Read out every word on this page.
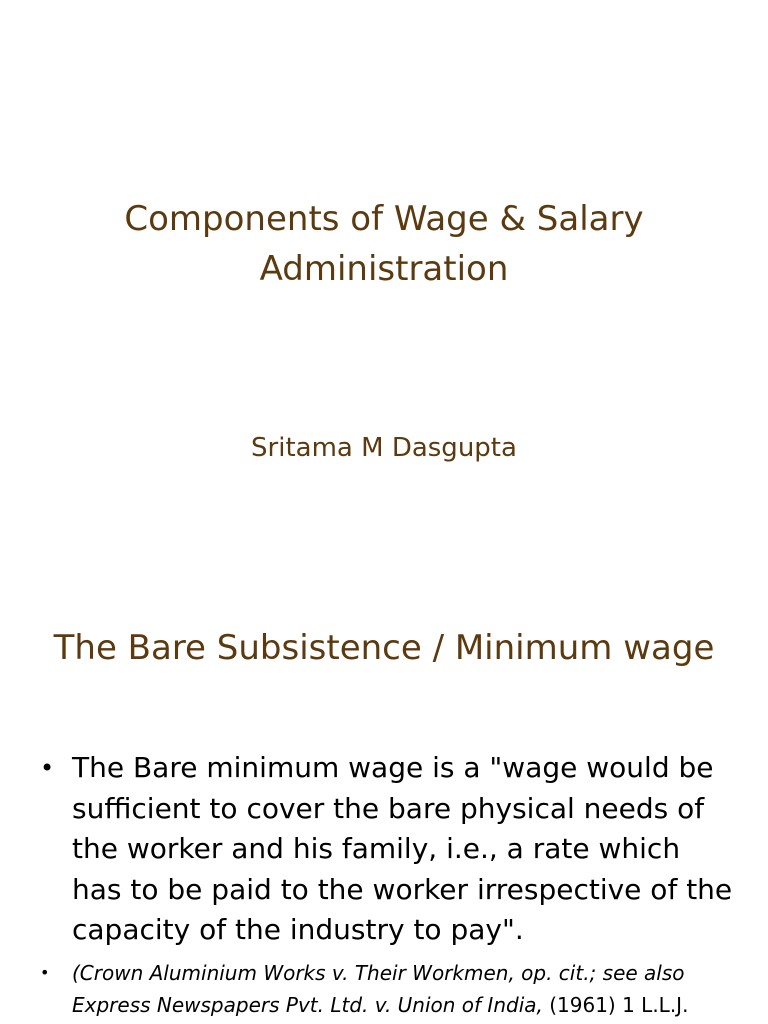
Components of Wage & Salary
Administration

Sritama M Dasgupta

The Bare Subsistence / Minimum wage
• The Bare minimum wage is a "wage would be sufficient to cover the bare physical needs of the worker and his family, i.e., a rate which has to be paid to the worker irrespective of the capacity of the industry to pay".
• (Crown Aluminium Works v. Their Workmen, op. cit.; see also Express Newspapers Pvt. Ltd. v. Union of India, (1961) 1 L.L.J.
